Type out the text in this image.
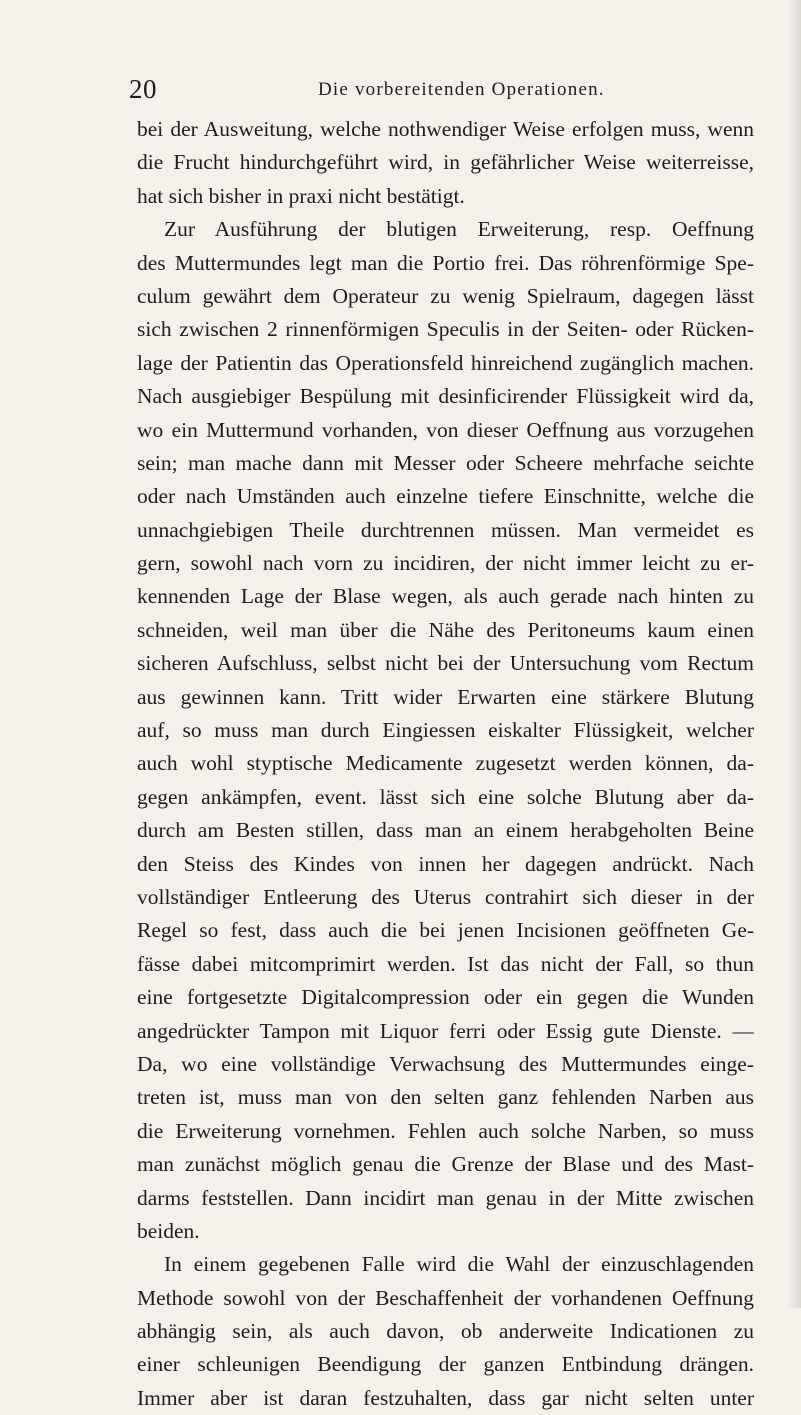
20	Die vorbereitenden Operationen.
bei der Ausweitung, welche nothwendiger Weise erfolgen muss, wenn
die Frucht hindurchgeführt wird, in gefährlicher Weise weiterreisse,
hat sich bisher in praxi nicht bestätigt.
Zur Ausführung der blutigen Erweiterung, resp. Oeffnung
des Muttermundes legt man die Portio frei. Das röhrenförmige Spe-
culum gewährt dem Operateur zu wenig Spielraum, dagegen lässt
sich zwischen 2 rinnenförmigen Speculis in der Seiten- oder Rücken-
lage der Patientin das Operationsfeld hinreichend zugänglich machen.
Nach ausgiebiger Bespülung mit desinficirender Flüssigkeit wird da,
wo ein Muttermund vorhanden, von dieser Oeffnung aus vorzugehen
sein; man mache dann mit Messer oder Scheere mehrfache seichte
oder nach Umständen auch einzelne tiefere Einschnitte, welche die
unnachgiebigen Theile durchtrennen müssen. Man vermeidet es
gern, sowohl nach vorn zu incidiren, der nicht immer leicht zu er-
kennenden Lage der Blase wegen, als auch gerade nach hinten zu
schneiden, weil man über die Nähe des Peritoneums kaum einen
sicheren Aufschluss, selbst nicht bei der Untersuchung vom Rectum
aus gewinnen kann. Tritt wider Erwarten eine stärkere Blutung
auf, so muss man durch Eingiessen eiskalter Flüssigkeit, welcher
auch wohl styptische Medicamente zugesetzt werden können, da-
gegen ankämpfen, event. lässt sich eine solche Blutung aber da-
durch am Besten stillen, dass man an einem herabgeholten Beine
den Steiss des Kindes von innen her dagegen andrückt. Nach
vollständiger Entleerung des Uterus contrahirt sich dieser in der
Regel so fest, dass auch die bei jenen Incisionen geöffneten Ge-
fässe dabei mitcomprimirt werden. Ist das nicht der Fall, so thun
eine fortgesetzte Digitalcompression oder ein gegen die Wunden
angedrückter Tampon mit Liquor ferri oder Essig gute Dienste. —
Da, wo eine vollständige Verwachsung des Muttermundes einge-
treten ist, muss man von den selten ganz fehlenden Narben aus
die Erweiterung vornehmen. Fehlen auch solche Narben, so muss
man zunächst möglich genau die Grenze der Blase und des Mast-
darms feststellen. Dann incidirt man genau in der Mitte zwischen
beiden.
In einem gegebenen Falle wird die Wahl der einzuschlagenden
Methode sowohl von der Beschaffenheit der vorhandenen Oeffnung
abhängig sein, als auch davon, ob anderweite Indicationen zu
einer schleunigen Beendigung der ganzen Entbindung drängen.
Immer aber ist daran festzuhalten, dass gar nicht selten unter
